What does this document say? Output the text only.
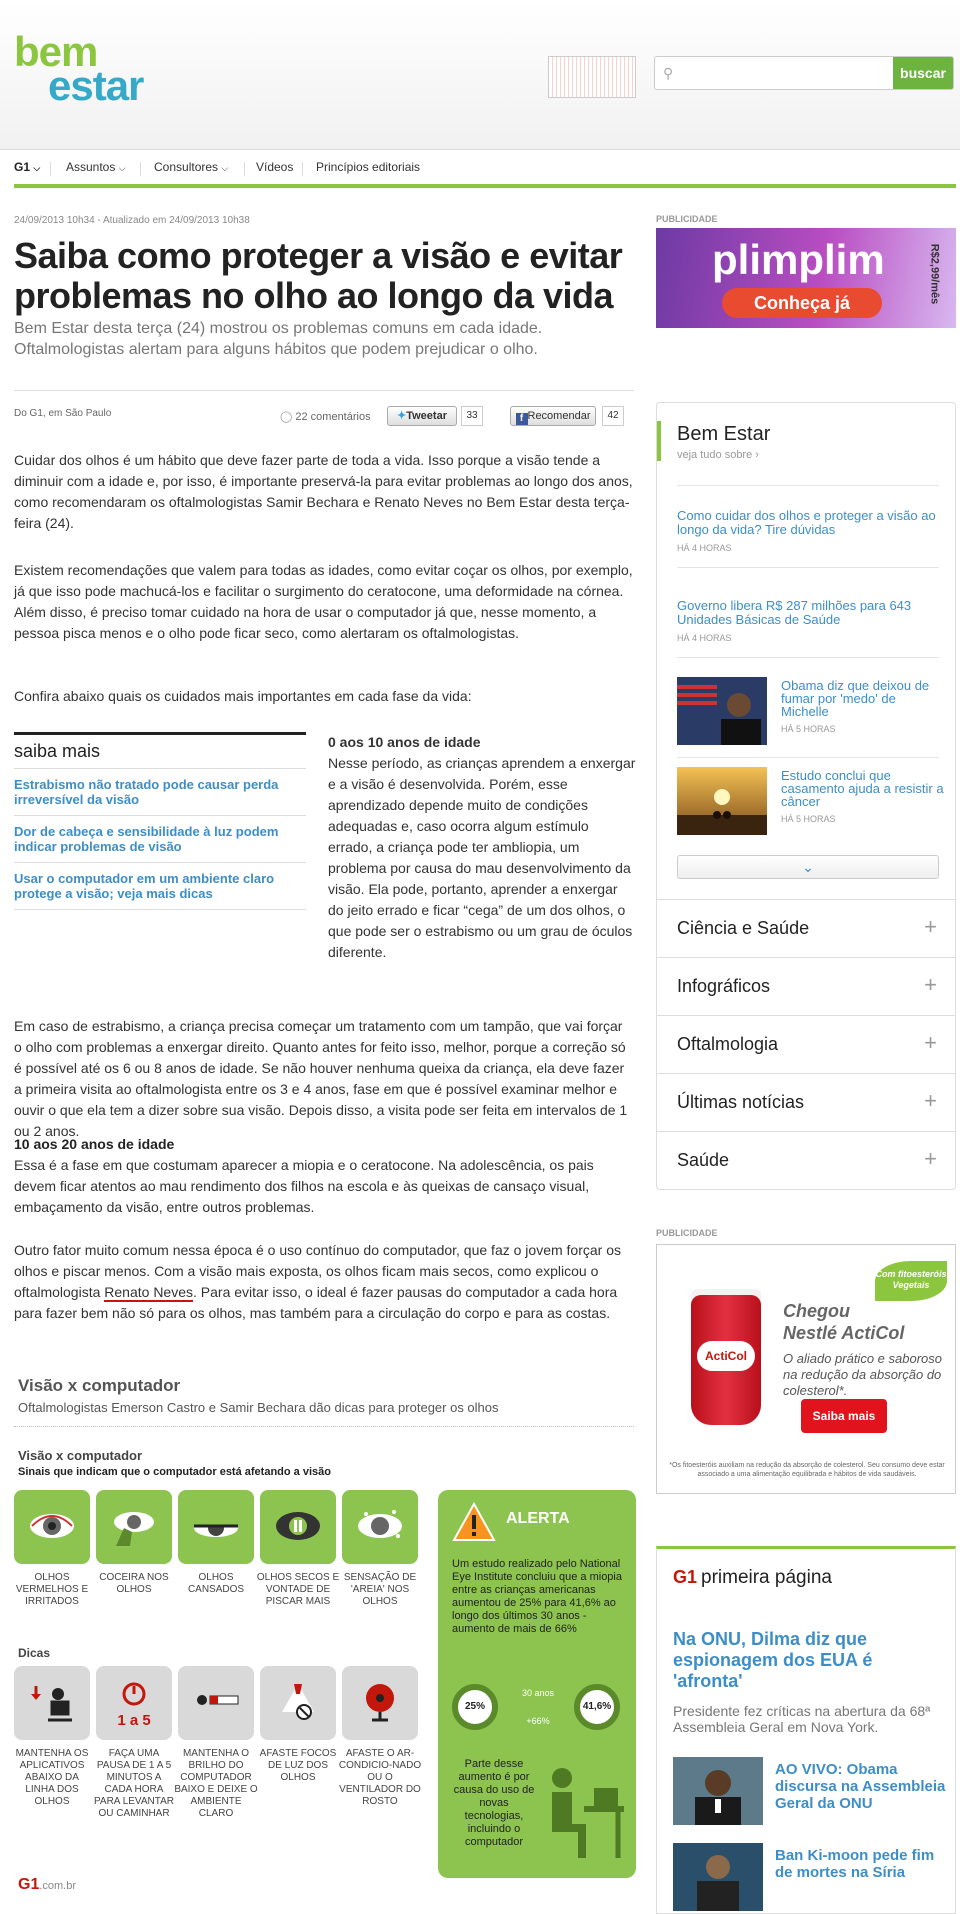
bem
estar	⚲	buscar
G1 ⌵ Assuntos ⌵ Consultores ⌵ Vídeos Princípios editoriais
24/09/2013 10h34 - Atualizado em 24/09/2013 10h38
Saiba como proteger a visão e evitar problemas no olho ao longo da vida
Bem Estar desta terça (24) mostrou os problemas comuns em cada idade. Oftalmologistas alertam para alguns hábitos que podem prejudicar o olho.
Do G1, em São Paulo	◯ 22 comentários	✦Tweetar	33	f Recomendar	42

Cuidar dos olhos é um hábito que deve fazer parte de toda a vida. Isso porque a visão tende a diminuir com a idade e, por isso, é importante preservá-la para evitar problemas ao longo dos anos, como recomendaram os oftalmologistas Samir Bechara e Renato Neves no Bem Estar desta terça-feira (24).

Existem recomendações que valem para todas as idades, como evitar coçar os olhos, por exemplo, já que isso pode machucá-los e facilitar o surgimento do ceratocone, uma deformidade na córnea. Além disso, é preciso tomar cuidado na hora de usar o computador já que, nesse momento, a pessoa pisca menos e o olho pode ficar seco, como alertaram os oftalmologistas.

Confira abaixo quais os cuidados mais importantes em cada fase da vida:

saiba mais
Estrabismo não tratado pode causar perda irreversível da visão
Dor de cabeça e sensibilidade à luz podem indicar problemas de visão
Usar o computador em um ambiente claro protege a visão; veja mais dicas
0 aos 10 anos de idade
Nesse período, as crianças aprendem a enxergar e a visão é desenvolvida. Porém, esse aprendizado depende muito de condições adequadas e, caso ocorra algum estímulo errado, a criança pode ter ambliopia, um problema por causa do mau desenvolvimento da visão. Ela pode, portanto, aprender a enxergar do jeito errado e ficar “cega” de um dos olhos, o que pode ser o estrabismo ou um grau de óculos diferente.

Em caso de estrabismo, a criança precisa começar um tratamento com um tampão, que vai forçar o olho com problemas a enxergar direito. Quanto antes for feito isso, melhor, porque a correção só é possível até os 6 ou 8 anos de idade. Se não houver nenhuma queixa da criança, ela deve fazer a primeira visita ao oftalmologista entre os 3 e 4 anos, fase em que é possível examinar melhor e ouvir o que ela tem a dizer sobre sua visão. Depois disso, a visita pode ser feita em intervalos de 1 ou 2 anos.

10 aos 20 anos de idade
Essa é a fase em que costumam aparecer a miopia e o ceratocone. Na adolescência, os pais devem ficar atentos ao mau rendimento dos filhos na escola e às queixas de cansaço visual, embaçamento da visão, entre outros problemas.

Outro fator muito comum nessa época é o uso contínuo do computador, que faz o jovem forçar os olhos e piscar menos. Com a visão mais exposta, os olhos ficam mais secos, como explicou o oftalmologista Renato Neves. Para evitar isso, o ideal é fazer pausas do computador a cada hora para fazer bem não só para os olhos, mas também para a circulação do corpo e para as costas.

Visão x computador
Oftalmologistas Emerson Castro e Samir Bechara dão dicas para proteger os olhos
Visão x computador
Sinais que indicam que o computador está afetando a visão
OLHOS VERMELHOS E IRRITADOS
COCEIRA NOS OLHOS
OLHOS CANSADOS
OLHOS SECOS E VONTADE DE PISCAR MAIS
SENSAÇÃO DE 'AREIA' NOS OLHOS
Dicas
1 a 5
MANTENHA OS APLICATIVOS ABAIXO DA LINHA DOS OLHOS
FAÇA UMA PAUSA DE 1 A 5 MINUTOS A CADA HORA PARA LEVANTAR OU CAMINHAR
MANTENHA O BRILHO DO COMPUTADOR BAIXO E DEIXE O AMBIENTE CLARO
AFASTE FOCOS DE LUZ DOS OLHOS
AFASTE O AR-CONDICIO-NADO OU O VENTILADOR DO ROSTO
ALERTA
Um estudo realizado pelo National Eye Institute concluiu que a miopia entre as crianças americanas aumentou de 25% para 41,6% ao longo dos últimos 30 anos - aumento de mais de 66%
25%
30 anos
+66%
41,6%
Parte desse aumento é por causa do uso de novas tecnologias, incluindo o computador
G1.com.br
PUBLICIDADE
plimplim
Conheça já	R$2,99/mês
Bem Estar
veja tudo sobre ›
Como cuidar dos olhos e proteger a visão ao longo da vida? Tire dúvidas
HÁ 4 HORAS
Governo libera R$ 287 milhões para 643 Unidades Básicas de Saúde
HÁ 4 HORAS
Obama diz que deixou de fumar por 'medo' de Michelle
HÁ 5 HORAS
Estudo conclui que casamento ajuda a resistir a câncer
HÁ 5 HORAS
⌄
Ciência e Saúde	+
Infográficos	+
Oftalmologia	+
Últimas notícias	+
Saúde	+
PUBLICIDADE
ActiCol
Com fitoesteróis Vegetais
Chegou
Nestlé ActiCol
O aliado prático e saboroso na redução da absorção do colesterol*.
Saiba mais
*Os fitoesteróis auxiliam na redução da absorção de colesterol. Seu consumo deve estar associado a uma alimentação equilibrada e hábitos de vida saudáveis.
G1 primeira página
Na ONU, Dilma diz que espionagem dos EUA é 'afronta'
Presidente fez críticas na abertura da 68ª Assembleia Geral em Nova York.
AO VIVO: Obama discursa na Assembleia Geral da ONU
Ban Ki-moon pede fim de mortes na Síria
